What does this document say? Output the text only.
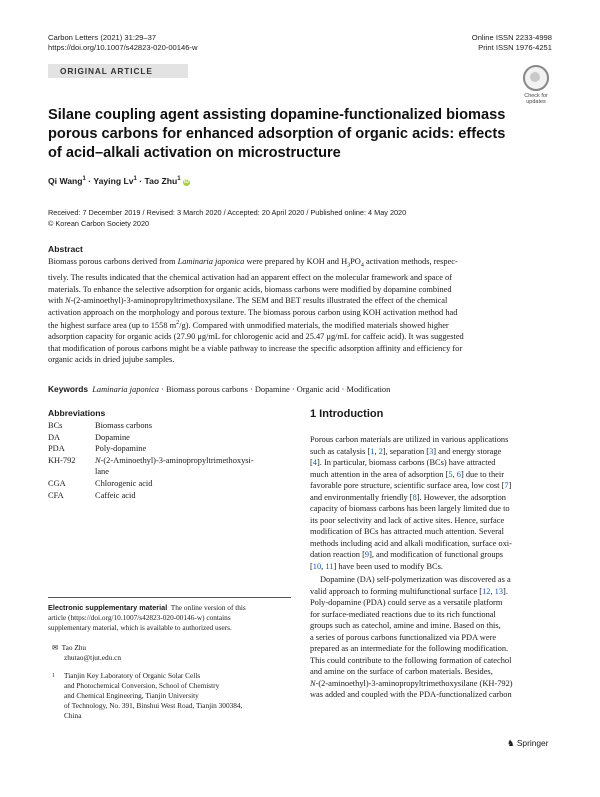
Carbon Letters (2021) 31:29–37
https://doi.org/10.1007/s42823-020-00146-w
Online ISSN 2233-4998
Print ISSN 1976-4251
ORIGINAL ARTICLE
Check for
updates
Silane coupling agent assisting dopamine-functionalized biomass
porous carbons for enhanced adsorption of organic acids: effects
of acid–alkali activation on microstructure
Qi Wang$^1$ · Yaying $Lv^1$ · Tao Zhu$^1$ iD
Received: 7 December 2019 / Revised: 3 March 2020 / Accepted: 20 April 2020 / Published online: 4 May 2020
© Korean Carbon Society 2020
Abstract
Biomass porous carbons derived from Laminaria japonica were prepared by KOH and $H_3PO_4$ activation methods, respec-
tively. The results indicated that the chemical activation had an apparent effect on the molecular framework and space of
materials. To enhance the selective adsorption for organic acids, biomass carbons were modified by dopamine combined
with N-(2-aminoethyl)-3-aminopropyltrimethoxysilane. The SEM and BET results illustrated the effect of the chemical
activation approach on the morphology and porous texture. The biomass porous carbon using KOH activation method had
the highest surface area (up to 1558 $m^2/g$). Compared with unmodified materials, the modified materials showed higher
adsorption capacity for organic acids (27.90 μg/mL for chlorogenic acid and 25.47 μg/mL for caffeic acid). It was suggested
that modification of porous carbons might be a viable pathway to increase the specific adsorption affinity and efficiency for
organic acids in dried jujube samples.
Keywords Laminaria japonica · Biomass porous carbons · Dopamine · Organic acid · Modification
Abbreviations
BCs	Biomass carbons
DA	Dopamine
PDA	Poly-dopamine
KH-792 N-(2-Aminoethyl)-3-aminopropyltrimethoxysi-
lane
CGA	Chlorogenic acid
CFA	Caffeic acid
Electronic supplementary material The online version of this
article (https://doi.org/10.1007/s42823-020-00146-w) contains
supplementary material, which is available to authorized users.
✉ Tao Zhu
zhutao@tjut.edu.cn
1 Tianjin Key Laboratory of Organic Solar Cells
and Photochemical Conversion, School of Chemistry
and Chemical Engineering, Tianjin University
of Technology, No. 391, Binshui West Road, Tianjin 300384,
China
1 Introduction
Porous carbon materials are utilized in various applications
such as catalysis [1, 2], separation [3] and energy storage
[4]. In particular, biomass carbons (BCs) have attracted
much attention in the area of adsorption [5, 6] due to their
favorable pore structure, scientific surface area, low cost [7]
and environmentally friendly [8]. However, the adsorption
capacity of biomass carbons has been largely limited due to
its poor selectivity and lack of active sites. Hence, surface
modification of BCs has attracted much attention. Several
methods including acid and alkali modification, surface oxi-
dation reaction [9], and modification of functional groups
[10, 11] have been used to modify BCs.
Dopamine (DA) self-polymerization was discovered as a
valid approach to forming multifunctional surface [12, 13].
Poly-dopamine (PDA) could serve as a versatile platform
for surface-mediated reactions due to its rich functional
groups such as catechol, amine and imine. Based on this,
a series of porous carbons functionalized via PDA were
prepared as an intermediate for the following modification.
This could contribute to the following formation of catechol
and amine on the surface of carbon materials. Besides,
N-(2-aminoethyl)-3-aminopropyltrimethoxysilane (KH-792)
was added and coupled with the PDA-functionalized carbon
♞ Springer
